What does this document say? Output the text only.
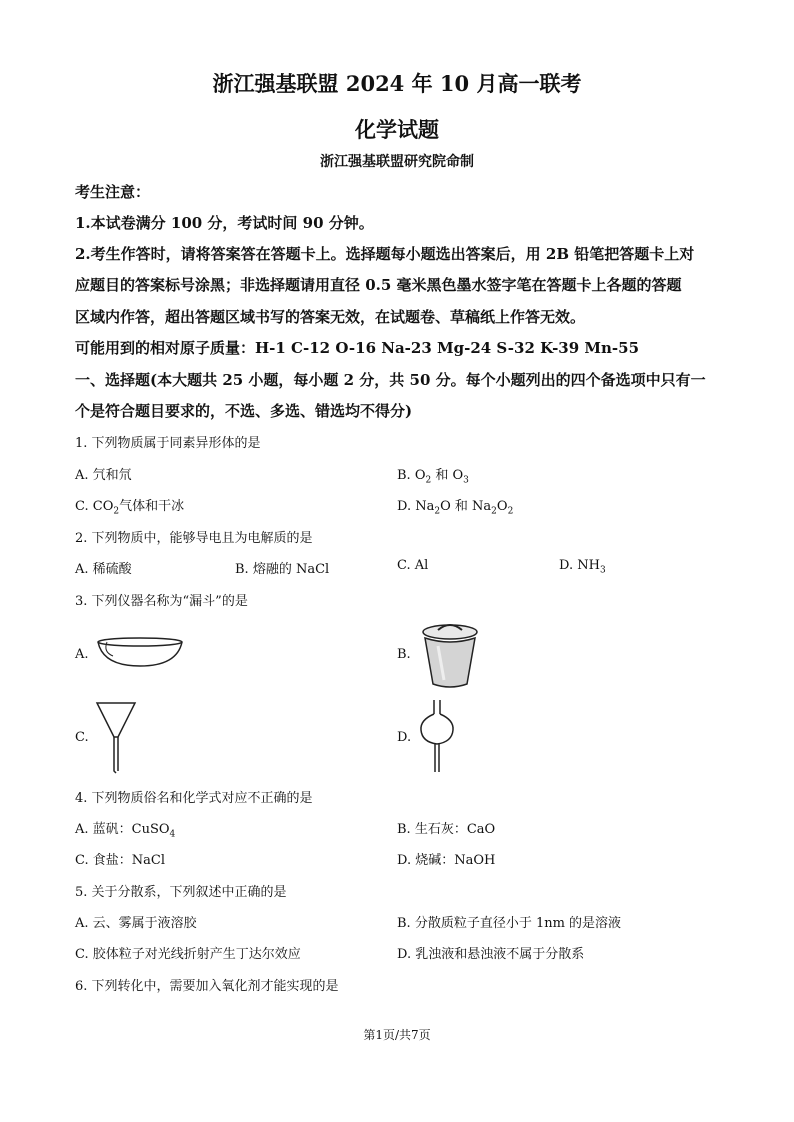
浙江强基联盟 2024 年 10 月高一联考
化学试题
浙江强基联盟研究院命制
考生注意：
1.本试卷满分 100 分，考试时间 90 分钟。
2.考生作答时，请将答案答在答题卡上。选择题每小题选出答案后，用 2B 铅笔把答题卡上对
应题目的答案标号涂黑；非选择题请用直径 0.5 毫米黑色墨水签字笔在答题卡上各题的答题
区域内作答，超出答题区域书写的答案无效，在试题卷、草稿纸上作答无效。
可能用到的相对原子质量：H-1 C-12 O-16 Na-23 Mg-24 S-32 K-39 Mn-55
一、选择题(本大题共 25 小题，每小题 2 分，共 50 分。每个小题列出的四个备选项中只有一
个是符合题目要求的，不选、多选、错选均不得分)
1. 下列物质属于同素异形体的是
A. 氕和氘	B. $O_2$ 和 $O_3$
C. $CO_2$气体和干冰	D. $Na_2O$ 和 $Na_2O_2$
2. 下列物质中，能够导电且为电解质的是
A. 稀硫酸	B. 熔融的 NaCl	C. Al	D. $NH_3$
3. 下列仪器名称为“漏斗”的是
A.	B.
C.	D.
4. 下列物质俗名和化学式对应不正确的是
A. 蓝矾：CuSO$_4$	B. 生石灰：CaO
C. 食盐：NaCl	D. 烧碱：NaOH
5. 关于分散系，下列叙述中正确的是
A. 云、雾属于液溶胶	B. 分散质粒子直径小于 1nm 的是溶液
C. 胶体粒子对光线折射产生丁达尔效应	D. 乳浊液和悬浊液不属于分散系
6. 下列转化中，需要加入氧化剂才能实现的是
第1页/共7页
